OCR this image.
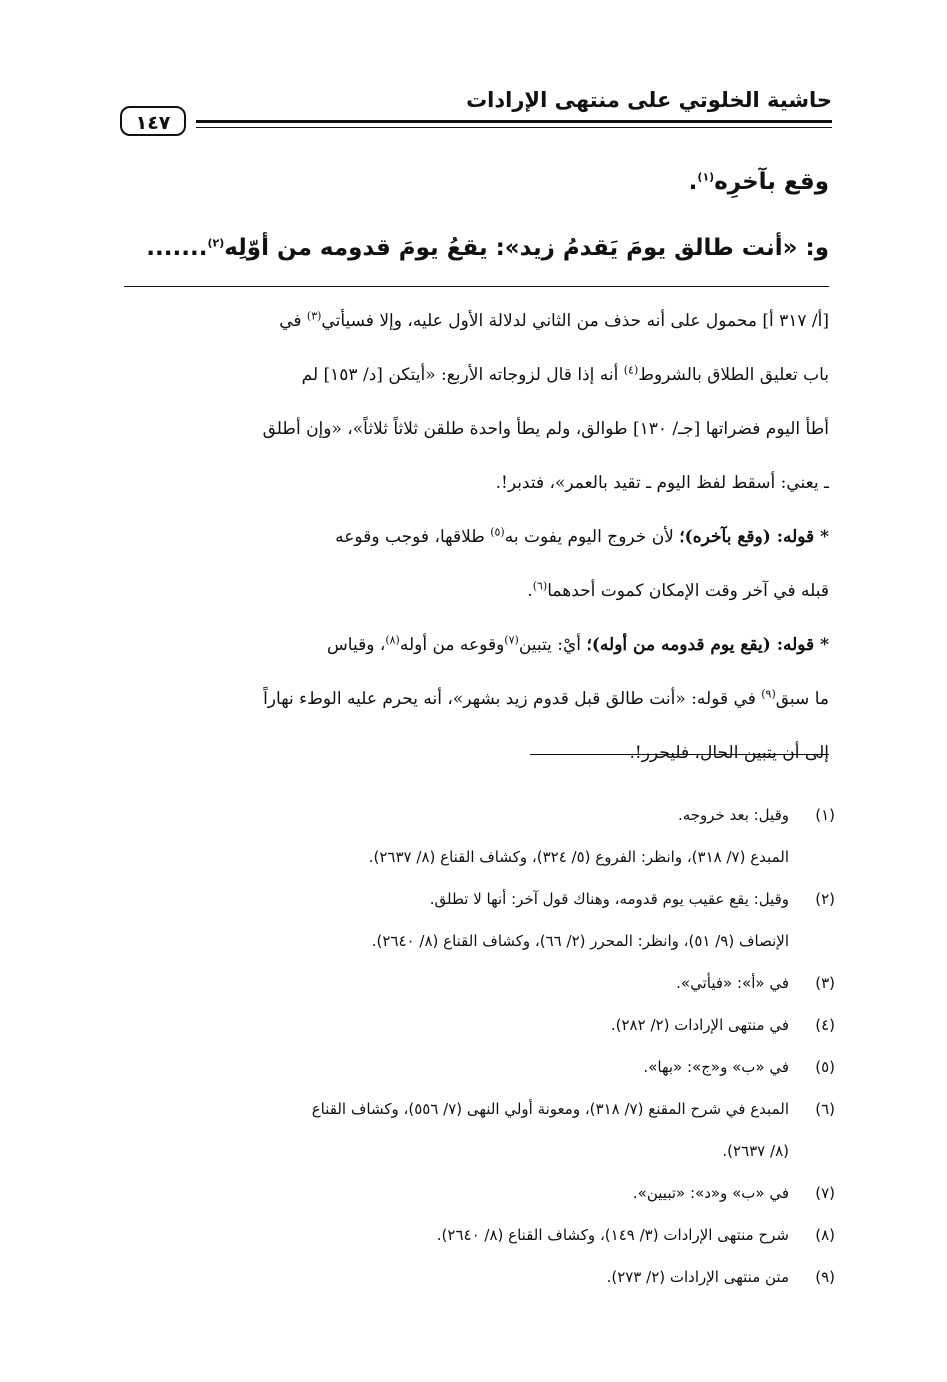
حاشية الخلوتي على منتهى الإرادات
١٤٧
وقع بآخرِه$^{(١)}$.
و: «أنت طالق يومَ يَقدمُ زيد»: يقعُ يومَ قدومه من أوّلِه$^{(٢)}$.......
[أ/ ٣١٧ أ] محمول على أنه حذف من الثاني لدلالة الأول عليه، وإلا فسيأتي$^{(٣)}$ في
باب تعليق الطلاق بالشروط$^{(٤)}$ أنه إذا قال لزوجاته الأربع: «أيتكن [د/ ١٥٣] لم
أطأ اليوم فضراتها [جـ/ ١٣٠] طوالق، ولم يطأ واحدة طلقن ثلاثاً ثلاثاً»، «وإن أطلق
ـ يعني: أسقط لفظ اليوم ـ تقيد بالعمر»، فتدبر!.
* قوله: (وقع بآخره)؛ لأن خروج اليوم يفوت به$^{(٥)}$ طلاقها، فوجب وقوعه
قبله في آخر وقت الإمكان كموت أحدهما$^{(٦)}$.
* قوله: (يقع يوم قدومه من أوله)؛ أيْ: يتبين$^{(٧)}$وقوعه من أوله$^{(٨)}$، وقياس
ما سبق$^{(٩)}$ في قوله: «أنت طالق قبل قدوم زيد بشهر»، أنه يحرم عليه الوطء نهاراً
إلى أن يتبين الحال، فليحرر!.
(١)
وقيل: بعد خروجه.
المبدع (٧/ ٣١٨)، وانظر: الفروع (٥/ ٣٢٤)، وكشاف القناع (٨/ ٢٦٣٧).
(٢)
وقيل: يقع عقيب يوم قدومه، وهناك قول آخر: أنها لا تطلق.
الإنصاف (٩/ ٥١)، وانظر: المحرر (٢/ ٦٦)، وكشاف القناع (٨/ ٢٦٤٠).
(٣)
في «أ»: «فيأتي».
(٤)
في منتهى الإرادات (٢/ ٢٨٢).
(٥)
في «ب» و«ج»: «بها».
(٦)
المبدع في شرح المقنع (٧/ ٣١٨)، ومعونة أولي النهى (٧/ ٥٥٦)، وكشاف القناع
(٨/ ٢٦٣٧).
(٧)
في «ب» و«د»: «تبيين».
(٨)
شرح منتهى الإرادات (٣/ ١٤٩)، وكشاف القناع (٨/ ٢٦٤٠).
(٩)
متن منتهى الإرادات (٢/ ٢٧٣).
